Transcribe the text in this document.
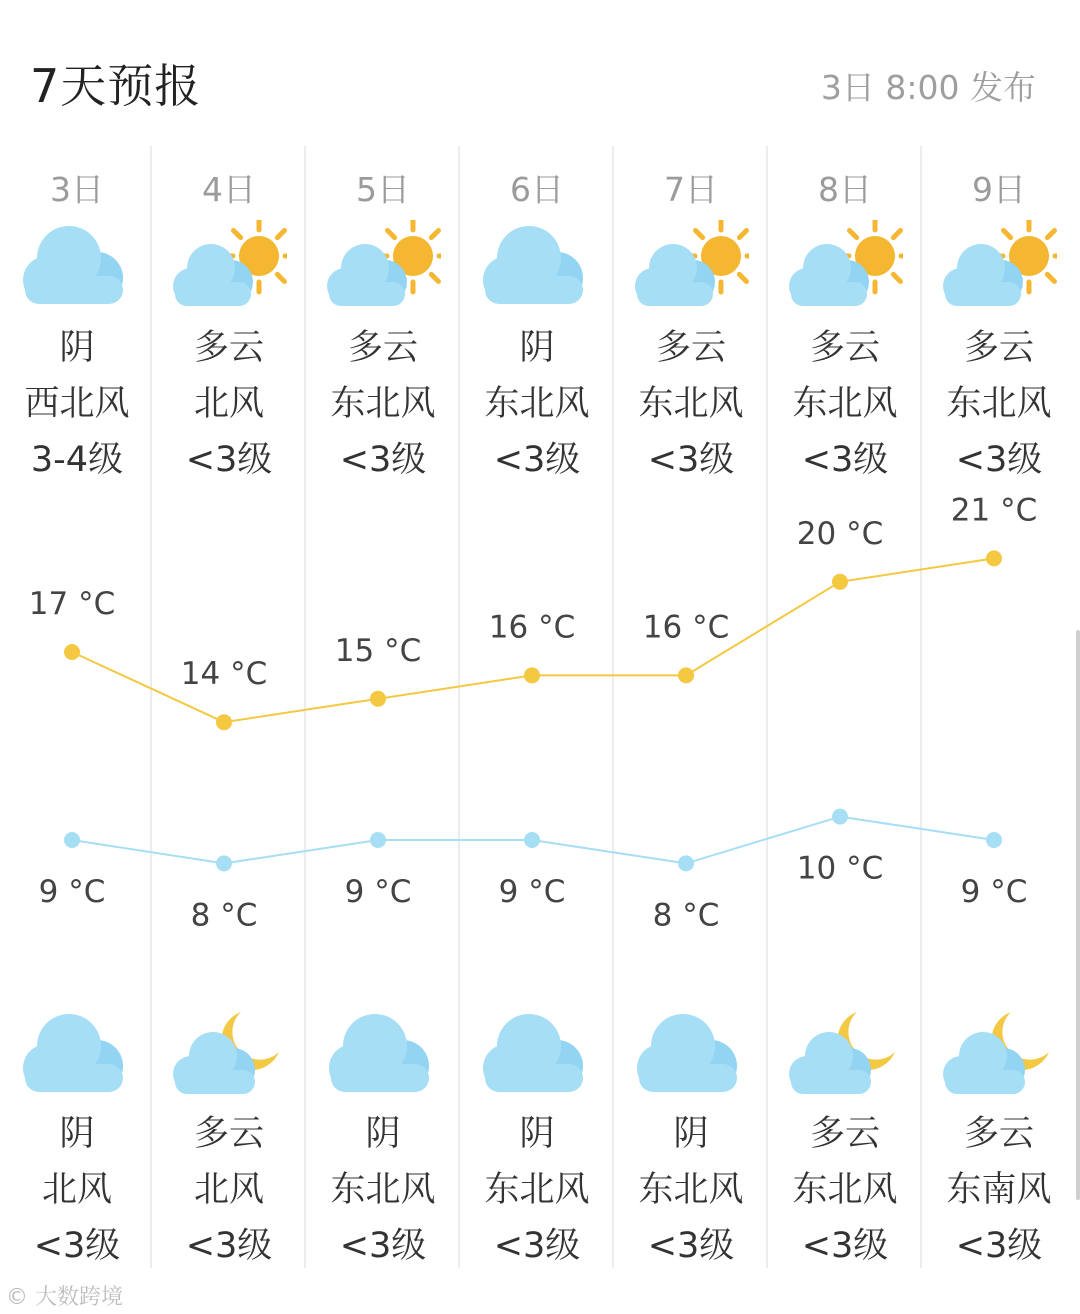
7天预报	3日 8:00 发布
3日
阴
西北风
3-4级
阴
北风
<3级
4日
多云
北风
<3级
多云
北风
<3级
5日
多云
东北风
<3级
阴
东北风
<3级
6日
阴
东北风
<3级
阴
东北风
<3级
7日
多云
东北风
<3级
阴
东北风
<3级
8日
多云
东北风
<3级
多云
东北风
<3级
9日
多云
东北风
<3级
多云
东南风
<3级
17 °C
14 °C
15 °C
16 °C 16 °C
20 °C
21 °C
9 °C
8 °C
9 °C	9 °C
8 °C
10 °C
9 °C
© 大数跨境
